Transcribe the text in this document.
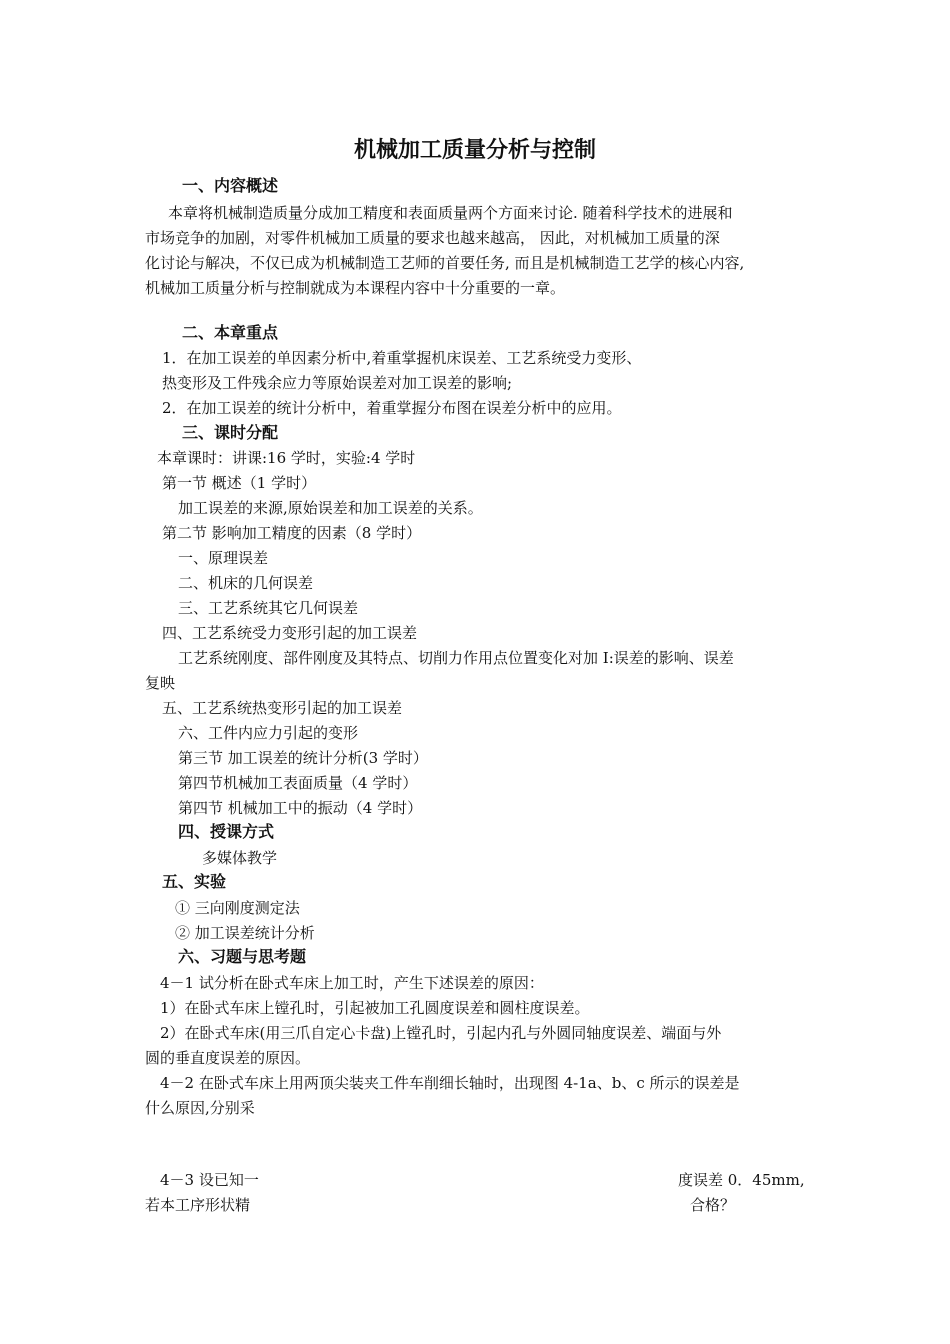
机械加工质量分析与控制
一、内容概述
本章将机械制造质量分成加工精度和表面质量两个方面来讨论. 随着科学技术的进展和
市场竞争的加剧，对零件机械加工质量的要求也越来越高， 因此，对机械加工质量的深
化讨论与解决，不仅已成为机械制造工艺师的首要任务, 而且是机械制造工艺学的核心内容,
机械加工质量分析与控制就成为本课程内容中十分重要的一章。
二、本章重点
1．在加工误差的单因素分析中,着重掌握机床误差、工艺系统受力变形、
热变形及工件残余应力等原始误差对加工误差的影响;
2．在加工误差的统计分析中，着重掌握分布图在误差分析中的应用。
三、课时分配
本章课时：讲课:16 学时，实验:4 学时
第一节 概述（1 学时）
加工误差的来源,原始误差和加工误差的关系。
第二节 影响加工精度的因素（8 学时）
一、原理误差
二、机床的几何误差
三、工艺系统其它几何误差
四、工艺系统受力变形引起的加工误差
工艺系统刚度、部件刚度及其特点、切削力作用点位置变化对加 I:误差的影响、误差
复映
五、工艺系统热变形引起的加工误差
六、工件内应力引起的变形
第三节 加工误差的统计分析(3 学时）
第四节机械加工表面质量（4 学时）
第四节 机械加工中的振动（4 学时）
四、授课方式
多媒体教学
五、实验
① 三向刚度测定法
② 加工误差统计分析
六、习题与思考题
4－1 试分析在卧式车床上加工时，产生下述误差的原因：
1）在卧式车床上镗孔时，引起被加工孔圆度误差和圆柱度误差。
2）在卧式车床(用三爪自定心卡盘)上镗孔时，引起内孔与外圆同轴度误差、端面与外
圆的垂直度误差的原因。
4－2 在卧式车床上用两顶尖装夹工件车削细长轴时，出现图 4-1a、b、c 所示的误差是
什么原因,分别采
4－3 设已知一	度误差 0．45mm,
若本工序形状精	合格？
